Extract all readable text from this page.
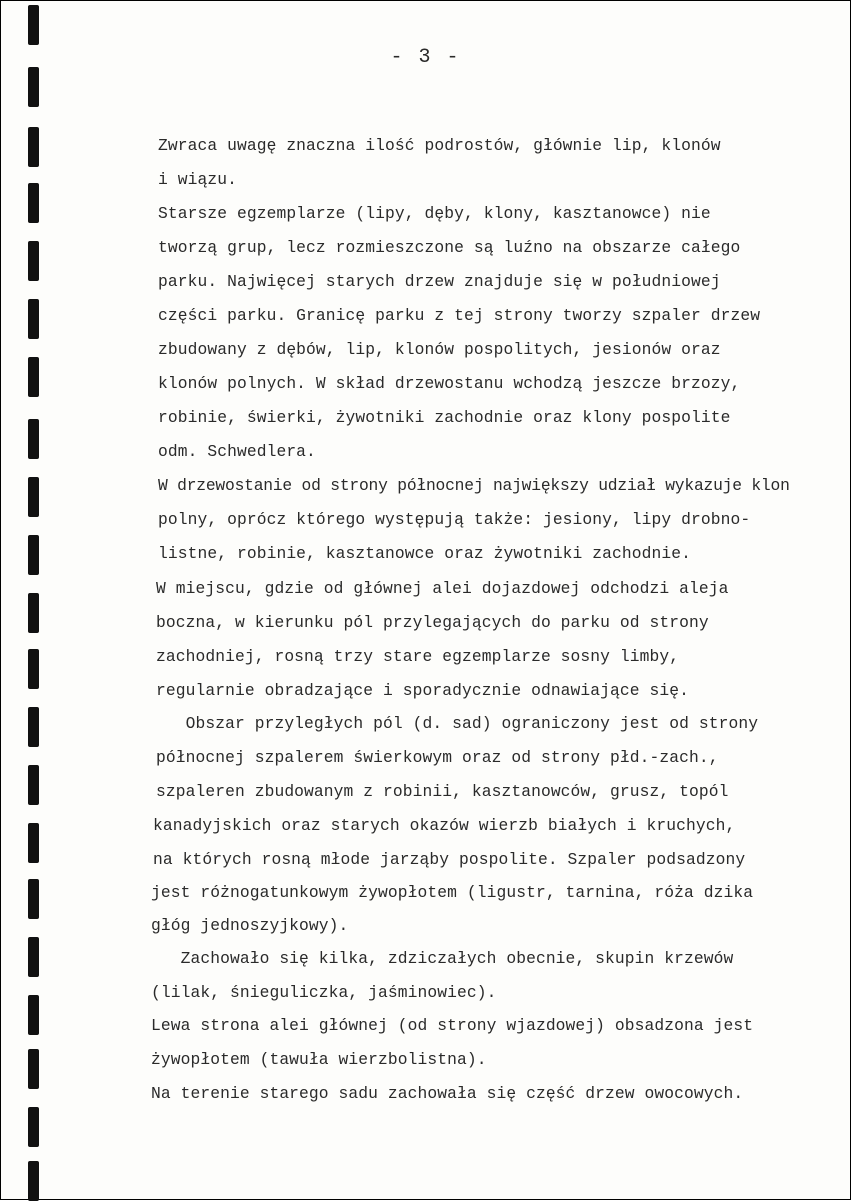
- 3 -
Zwraca uwagę znaczna ilość podrostów, głównie lip, klonów
i wiązu.
Starsze egzemplarze (lipy, dęby, klony, kasztanowce) nie
tworzą grup, lecz rozmieszczone są luźno na obszarze całego
parku. Najwięcej starych drzew znajduje się w południowej
części parku. Granicę parku z tej strony tworzy szpaler drzew
zbudowany z dębów, lip, klonów pospolitych, jesionów oraz
klonów polnych. W skład drzewostanu wchodzą jeszcze brzozy,
robinie, świerki, żywotniki zachodnie oraz klony pospolite
odm. Schwedlera.
W drzewostanie od strony północnej największy udział wykazuje klon
polny, oprócz którego występują także: jesiony, lipy drobno-
listne, robinie, kasztanowce oraz żywotniki zachodnie.
W miejscu, gdzie od głównej alei dojazdowej odchodzi aleja
boczna, w kierunku pól przylegających do parku od strony
zachodniej, rosną trzy stare egzemplarze sosny limby,
regularnie obradzające i sporadycznie odnawiające się.
Obszar przyległych pól (d. sad) ograniczony jest od strony
północnej szpalerem świerkowym oraz od strony płd.-zach.,
szpaleren zbudowanym z robinii, kasztanowców, grusz, topól
kanadyjskich oraz starych okazów wierzb białych i kruchych,
na których rosną młode jarząby pospolite. Szpaler podsadzony
jest różnogatunkowym żywopłotem (ligustr, tarnina, róża dzika
głóg jednoszyjkowy).
Zachowało się kilka, zdziczałych obecnie, skupin krzewów
(lilak, śnieguliczka, jaśminowiec).
Lewa strona alei głównej (od strony wjazdowej) obsadzona jest
żywopłotem (tawuła wierzbolistna).
Na terenie starego sadu zachowała się część drzew owocowych.
